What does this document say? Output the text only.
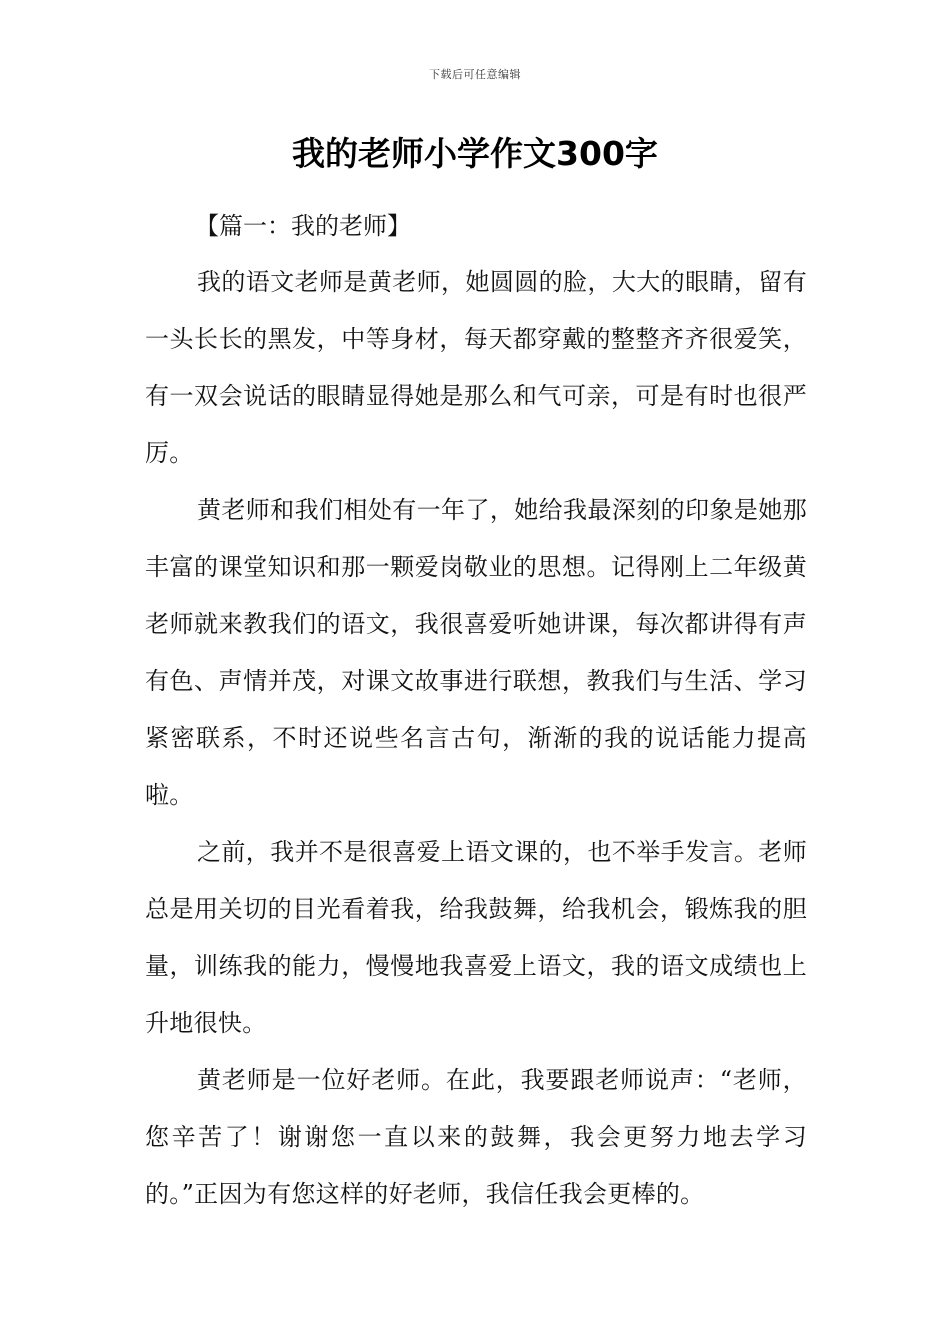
下载后可任意编辑
我的老师小学作文300字

【篇一：我的老师】

我的语文老师是黄老师，她圆圆的脸，大大的眼睛，留有一头长长的黑发，中等身材，每天都穿戴的整整齐齐很爱笑，有一双会说话的眼睛显得她是那么和气可亲，可是有时也很严厉。

黄老师和我们相处有一年了，她给我最深刻的印象是她那丰富的课堂知识和那一颗爱岗敬业的思想。记得刚上二年级黄老师就来教我们的语文，我很喜爱听她讲课，每次都讲得有声有色、声情并茂，对课文故事进行联想，教我们与生活、学习紧密联系，不时还说些名言古句，渐渐的我的说话能力提高啦。

之前，我并不是很喜爱上语文课的，也不举手发言。老师总是用关切的目光看着我，给我鼓舞，给我机会，锻炼我的胆量，训练我的能力，慢慢地我喜爱上语文，我的语文成绩也上升地很快。

黄老师是一位好老师。在此，我要跟老师说声：“老师，您辛苦了！谢谢您一直以来的鼓舞，我会更努力地去学习的。”正因为有您这样的好老师，我信任我会更棒的。
